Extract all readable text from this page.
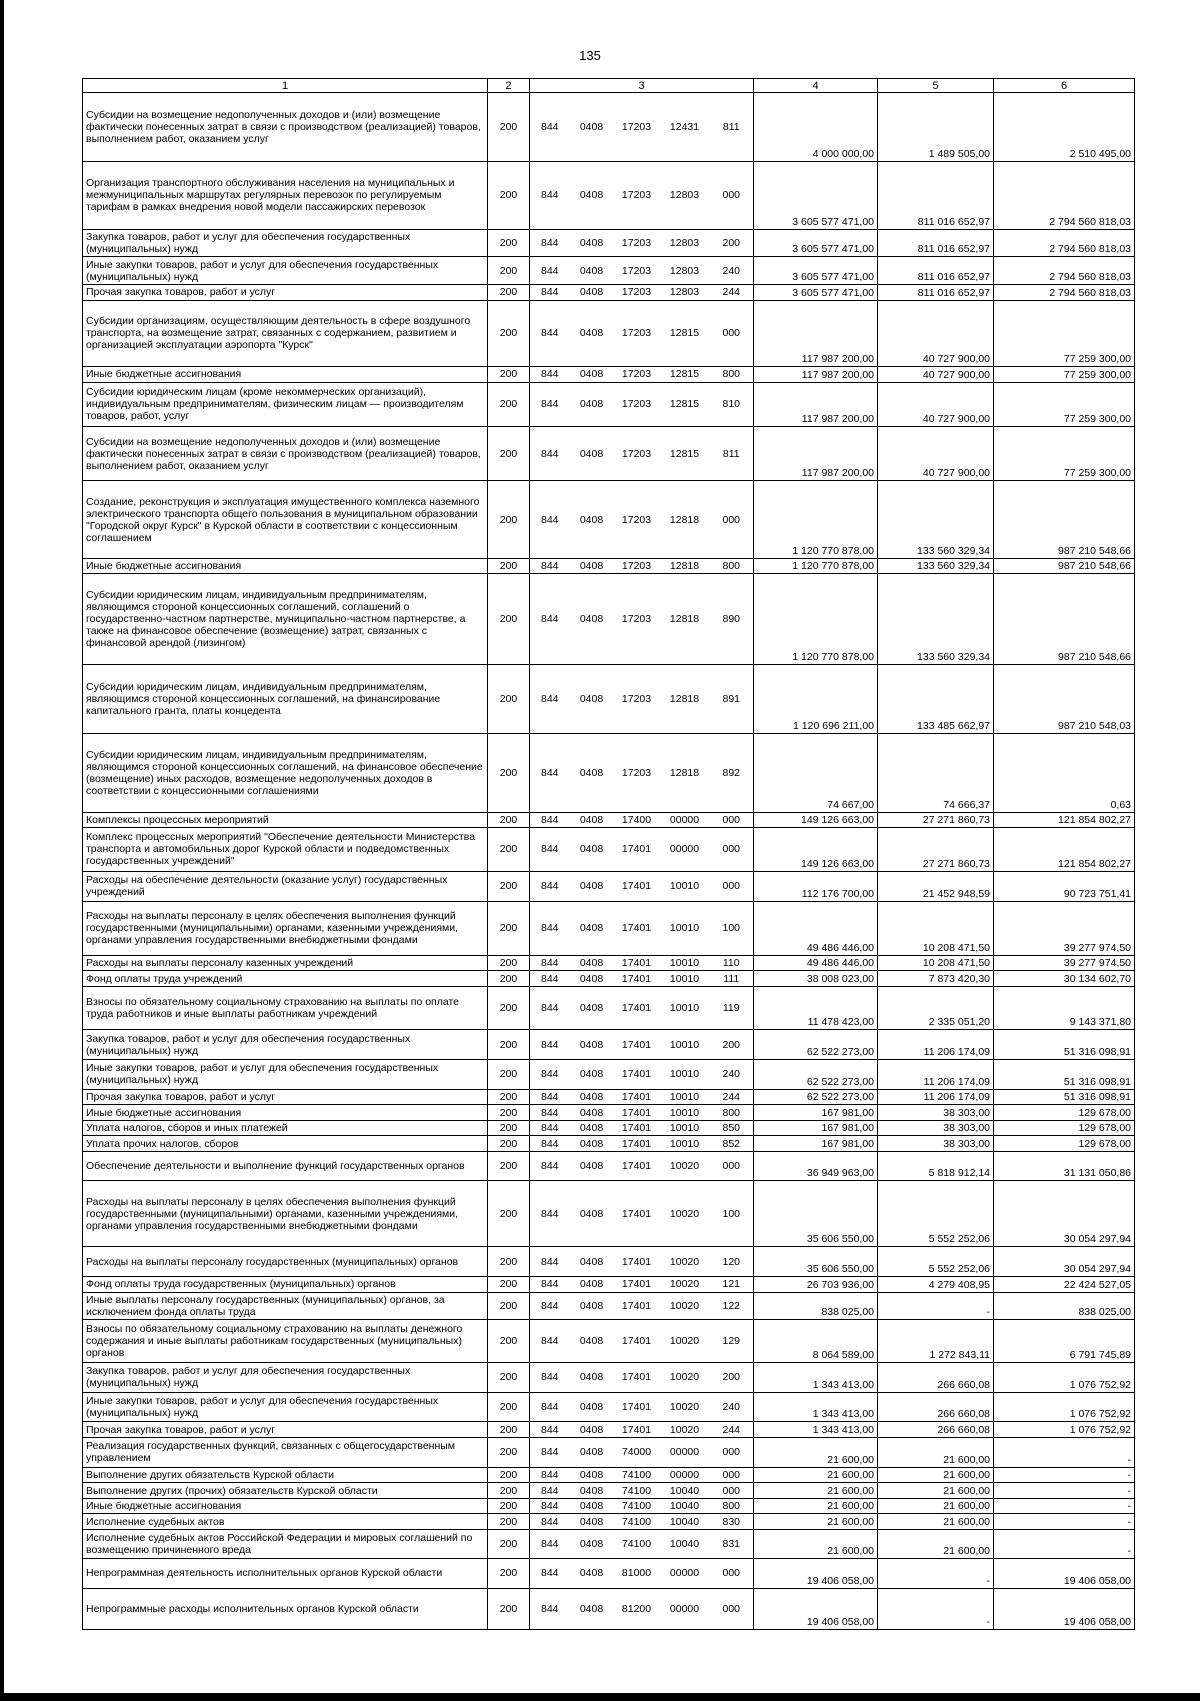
135
1	2	3					4	5	6
Субсидии на возмещение недополученных доходов и (или) возмещение фактически понесенных затрат в связи с производством (реализацией) товаров, выполнением работ, оказанием услуг	200	844	0408	17203	12431	811	4 000 000,00	1 489 505,00	2 510 495,00
Организация транспортного обслуживания населения на муниципальных и межмуниципальных маршрутах регулярных перевозок по регулируемым тарифам в рамках внедрения новой модели пассажирских перевозок	200	844	0408	17203	12803	000	3 605 577 471,00	811 016 652,97	2 794 560 818,03
Закупка товаров, работ и услуг для обеспечения государственных (муниципальных) нужд	200	844	0408	17203	12803	200	3 605 577 471,00	811 016 652,97	2 794 560 818,03
Иные закупки товаров, работ и услуг для обеспечения государственных (муниципальных) нужд	200	844	0408	17203	12803	240	3 605 577 471,00	811 016 652,97	2 794 560 818,03
Прочая закупка товаров, работ и услуг	200	844	0408	17203	12803	244	3 605 577 471,00	811 016 652,97	2 794 560 818,03
Субсидии организациям, осуществляющим деятельность в сфере воздушного транспорта, на возмещение затрат, связанных с содержанием, развитием и организацией эксплуатации аэропорта "Курск"	200	844	0408	17203	12815	000	117 987 200,00	40 727 900,00	77 259 300,00
Иные бюджетные ассигнования	200	844	0408	17203	12815	800	117 987 200,00	40 727 900,00	77 259 300,00
Субсидии юридическим лицам (кроме некоммерческих организаций), индивидуальным предпринимателям, физическим лицам — производителям товаров, работ, услуг	200	844	0408	17203	12815	810	117 987 200,00	40 727 900,00	77 259 300,00
Субсидии на возмещение недополученных доходов и (или) возмещение фактически понесенных затрат в связи с производством (реализацией) товаров, выполнением работ, оказанием услуг	200	844	0408	17203	12815	811	117 987 200,00	40 727 900,00	77 259 300,00
Создание, реконструкция и эксплуатация имущественного комплекса наземного электрического транспорта общего пользования в муниципальном образовании "Городской округ Курск" в Курской области в соответствии с концессионным соглашением	200	844	0408	17203	12818	000	1 120 770 878,00	133 560 329,34	987 210 548,66
Иные бюджетные ассигнования	200	844	0408	17203	12818	800	1 120 770 878,00	133 560 329,34	987 210 548,66
Субсидии юридическим лицам, индивидуальным предпринимателям, являющимся стороной концессионных соглашений, соглашений о государственно-частном партнерстве, муниципально-частном партнерстве, а также на финансовое обеспечение (возмещение) затрат, связанных с финансовой арендой (лизингом)	200	844	0408	17203	12818	890	1 120 770 878,00	133 560 329,34	987 210 548,66
Субсидии юридическим лицам, индивидуальным предпринимателям, являющимся стороной концессионных соглашений, на финансирование капитального гранта, платы концедента	200	844	0408	17203	12818	891	1 120 696 211,00	133 485 662,97	987 210 548,03
Субсидии юридическим лицам, индивидуальным предпринимателям, являющимся стороной концессионных соглашений, на финансовое обеспечение (возмещение) иных расходов, возмещение недополученных доходов в соответствии с концессионными соглашениями	200	844	0408	17203	12818	892	74 667,00	74 666,37	0,63
Комплексы процессных мероприятий	200	844	0408	17400	00000	000	149 126 663,00	27 271 860,73	121 854 802,27
Комплекс процессных мероприятий "Обеспечение деятельности Министерства транспорта и автомобильных дорог Курской области и подведомственных государственных учреждений"	200	844	0408	17401	00000	000	149 126 663,00	27 271 860,73	121 854 802,27
Расходы на обеспечение деятельности (оказание услуг) государственных учреждений	200	844	0408	17401	10010	000	112 176 700,00	21 452 948,59	90 723 751,41
Расходы на выплаты персоналу в целях обеспечения выполнения функций государственными (муниципальными) органами, казенными учреждениями, органами управления государственными внебюджетными фондами	200	844	0408	17401	10010	100	49 486 446,00	10 208 471,50	39 277 974,50
Расходы на выплаты персоналу казенных учреждений	200	844	0408	17401	10010	110	49 486 446,00	10 208 471,50	39 277 974,50
Фонд оплаты труда учреждений	200	844	0408	17401	10010	111	38 008 023,00	7 873 420,30	30 134 602,70
Взносы по обязательному социальному страхованию на выплаты по оплате труда работников и иные выплаты работникам учреждений	200	844	0408	17401	10010	119	11 478 423,00	2 335 051,20	9 143 371,80
Закупка товаров, работ и услуг для обеспечения государственных (муниципальных) нужд	200	844	0408	17401	10010	200	62 522 273,00	11 206 174,09	51 316 098,91
Иные закупки товаров, работ и услуг для обеспечения государственных (муниципальных) нужд	200	844	0408	17401	10010	240	62 522 273,00	11 206 174,09	51 316 098,91
Прочая закупка товаров, работ и услуг	200	844	0408	17401	10010	244	62 522 273,00	11 206 174,09	51 316 098,91
Иные бюджетные ассигнования	200	844	0408	17401	10010	800	167 981,00	38 303,00	129 678,00
Уплата налогов, сборов и иных платежей	200	844	0408	17401	10010	850	167 981,00	38 303,00	129 678,00
Уплата прочих налогов, сборов	200	844	0408	17401	10010	852	167 981,00	38 303,00	129 678,00
Обеспечение деятельности и выполнение функций государственных органов	200	844	0408	17401	10020	000	36 949 963,00	5 818 912,14	31 131 050,86
Расходы на выплаты персоналу в целях обеспечения выполнения функций государственными (муниципальными) органами, казенными учреждениями, органами управления государственными внебюджетными фондами	200	844	0408	17401	10020	100	35 606 550,00	5 552 252,06	30 054 297,94
Расходы на выплаты персоналу государственных (муниципальных) органов	200	844	0408	17401	10020	120	35 606 550,00	5 552 252,06	30 054 297,94
Фонд оплаты труда государственных (муниципальных) органов	200	844	0408	17401	10020	121	26 703 936,00	4 279 408,95	22 424 527,05
Иные выплаты персоналу государственных (муниципальных) органов, за исключением фонда оплаты труда	200	844	0408	17401	10020	122	838 025,00	-	838 025,00
Взносы по обязательному социальному страхованию на выплаты денежного содержания и иные выплаты работникам государственных (муниципальных) органов	200	844	0408	17401	10020	129	8 064 589,00	1 272 843,11	6 791 745,89
Закупка товаров, работ и услуг для обеспечения государственных (муниципальных) нужд	200	844	0408	17401	10020	200	1 343 413,00	266 660,08	1 076 752,92
Иные закупки товаров, работ и услуг для обеспечения государственных (муниципальных) нужд	200	844	0408	17401	10020	240	1 343 413,00	266 660,08	1 076 752,92
Прочая закупка товаров, работ и услуг	200	844	0408	17401	10020	244	1 343 413,00	266 660,08	1 076 752,92
Реализация государственных функций, связанных с общегосударственным управлением	200	844	0408	74000	00000	000	21 600,00	21 600,00	-
Выполнение других обязательств Курской области	200	844	0408	74100	00000	000	21 600,00	21 600,00	-
Выполнение других (прочих) обязательств Курской области	200	844	0408	74100	10040	000	21 600,00	21 600,00	-
Иные бюджетные ассигнования	200	844	0408	74100	10040	800	21 600,00	21 600,00	-
Исполнение судебных актов	200	844	0408	74100	10040	830	21 600,00	21 600,00	-
Исполнение судебных актов Российской Федерации и мировых соглашений по возмещению причиненного вреда	200	844	0408	74100	10040	831	21 600,00	21 600,00	-
Непрограммная деятельность исполнительных органов Курской области	200	844	0408	81000	00000	000	19 406 058,00	-	19 406 058,00
Непрограммные расходы исполнительных органов Курской области	200	844	0408	81200	00000	000	19 406 058,00	-	19 406 058,00
